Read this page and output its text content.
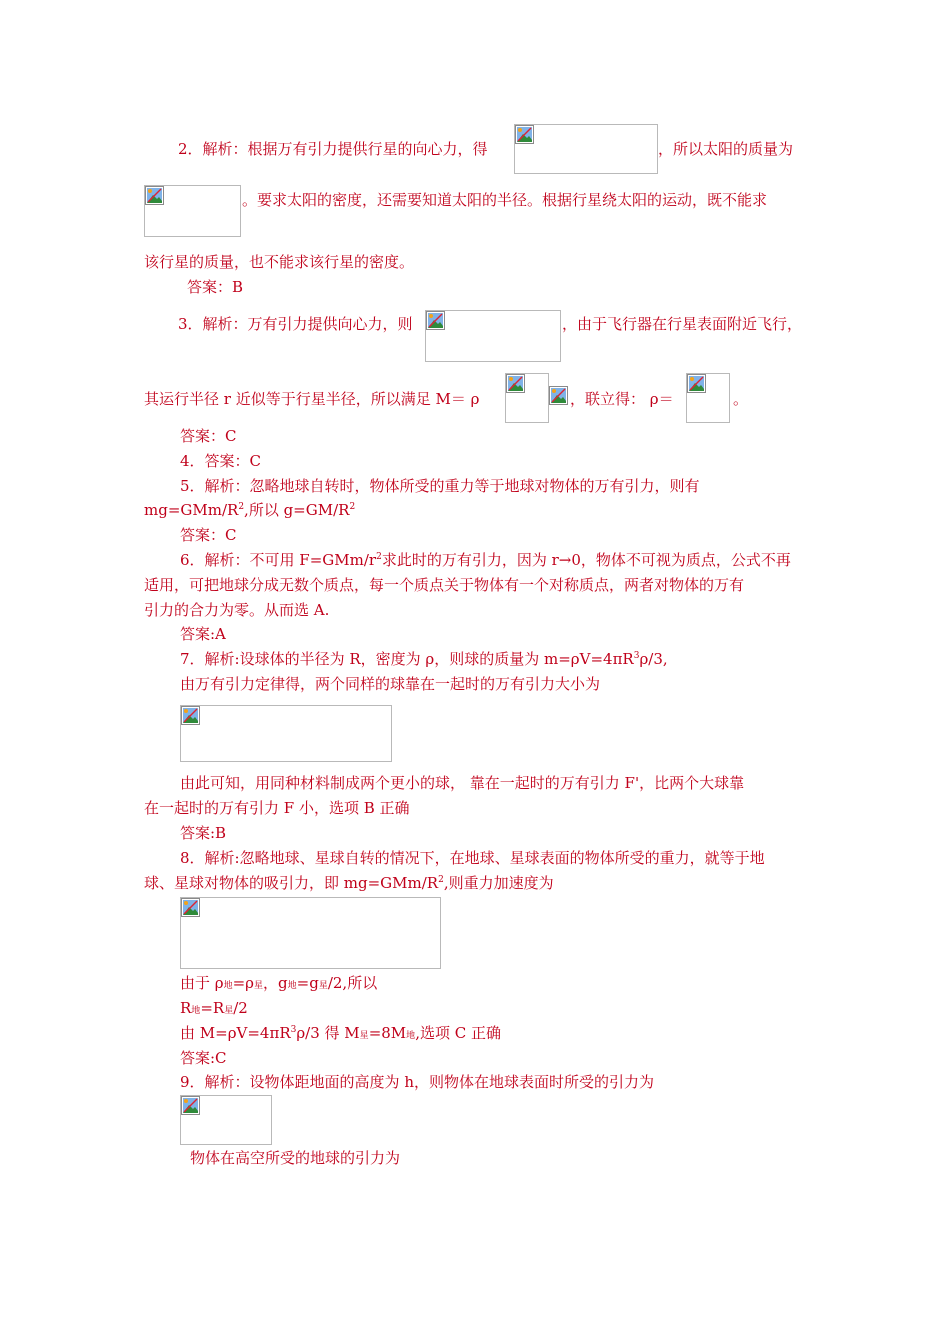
2．解析：根据万有引力提供行星的向心力，得	，所以太阳的质量为
。要求太阳的密度，还需要知道太阳的半径。根据行星绕太阳的运动，既不能求
该行星的质量，也不能求该行星的密度。
答案：B
3．解析：万有引力提供向心力，则	，由于飞行器在行星表面附近飞行，
其运行半径 r 近似等于行星半径，所以满足 M＝ ρ	，联立得： ρ＝	。
答案：C
4．答案：C
5．解析：忽略地球自转时，物体所受的重力等于地球对物体的万有引力，则有
$mg=GMm/R^2$,所以 $g=GM/R^2$
答案：C
6．解析：不可用 $F=GMm/r^2$求此时的万有引力，因为 r→0，物体不可视为质点，公式不再
适用，可把地球分成无数个质点，每一个质点关于物体有一个对称质点，两者对物体的万有
引力的合力为零。从而选 A.
答案:A
7．解析:设球体的半径为 R，密度为 ρ，则球的质量为 $m=\rho V=4\pi R^3\rho/3$,
由万有引力定律得，两个同样的球靠在一起时的万有引力大小为
由此可知，用同种材料制成两个更小的球， 靠在一起时的万有引力 F'，比两个大球靠
在一起时的万有引力 F 小，选项 B 正确
答案:B
8．解析:忽略地球、星球自转的情况下，在地球、星球表面的物体所受的重力，就等于地
球、星球对物体的吸引力，即 $mg=GMm/R^2$,则重力加速度为
由于 ρ地=ρ星，g地=g星/2,所以
R地=R星/2
由 $M=\rho V=4\pi R^3\rho/3$ 得 M星=8M地,选项 C 正确
答案:C
9．解析：设物体距地面的高度为 h，则物体在地球表面时所受的引力为
物体在高空所受的地球的引力为
